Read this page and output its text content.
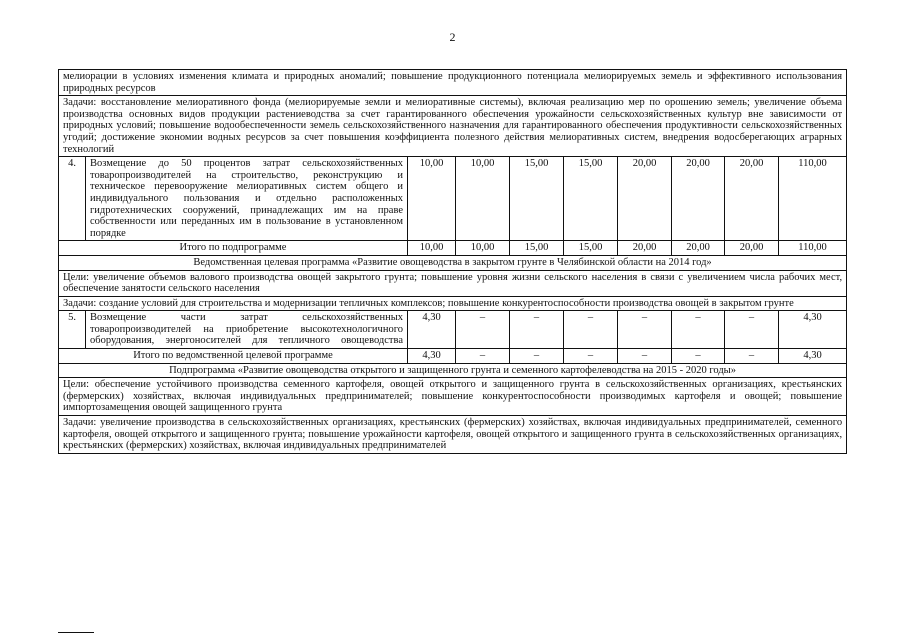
2
мелиорации в условиях изменения климата и природных аномалий; повышение продукционного потенциала мелиорируемых земель и эффективного использования природных ресурсов									
Задачи: восстановление мелиоративного фонда (мелиорируемые земли и мелиоративные системы), включая реализацию мер по орошению земель; увеличение объема производства основных видов продукции растениеводства за счет гарантированного обеспечения урожайности сельскохозяйственных культур вне зависимости от природных условий; повышение водообеспеченности земель сельскохозяйственного назначения для гарантированного обеспечения продуктивности сельскохозяйственных угодий; достижение экономии водных ресурсов за счет повышения коэффициента полезного действия мелиоративных систем, внедрения водосберегающих аграрных технологий									
4.	Возмещение до 50 процентов затрат сельскохозяйственных товаропроизводителей на строительство, реконструкцию и техническое перевооружение мелиоративных систем общего и индивидуального пользования и отдельно расположенных гидротехнических сооружений, принадлежащих им на праве собственности или переданных им в пользование в установленном порядке	10,00	10,00	15,00	15,00	20,00	20,00	20,00	110,00
Итого по подпрограмме		10,00	10,00	15,00	15,00	20,00	20,00	20,00	110,00
Ведомственная целевая программа «Развитие овощеводства в закрытом грунте в Челябинской области на 2014 год»									
Цели: увеличение объемов валового производства овощей закрытого грунта; повышение уровня жизни сельского населения в связи с увеличением числа рабочих мест, обеспечение занятости сельского населения									
Задачи: создание условий для строительства и модернизации тепличных комплексов; повышение конкурентоспособности производства овощей в закрытом грунте									
5.	Возмещение части затрат сельскохозяйственных товаропроизводителей на приобретение высокотехнологичного оборудования, энергоносителей для тепличного овощеводства	4,30	–	–	–	–	–	–	4,30
Итого по ведомственной целевой программе		4,30	–	–	–	–	–	–	4,30
Подпрограмма «Развитие овощеводства открытого и защищенного грунта и семенного картофелеводства на 2015 - 2020 годы»									
Цели: обеспечение устойчивого производства семенного картофеля, овощей открытого и защищенного грунта в сельскохозяйственных организациях, крестьянских (фермерских) хозяйствах, включая индивидуальных предпринимателей; повышение конкурентоспособности производимых картофеля и овощей; повышение импортозамещения овощей защищенного грунта									
Задачи: увеличение производства в сельскохозяйственных организациях, крестьянских (фермерских) хозяйствах, включая индивидуальных предпринимателей, семенного картофеля, овощей открытого и защищенного грунта; повышение урожайности картофеля, овощей открытого и защищенного грунта в сельскохозяйственных организациях, крестьянских (фермерских) хозяйствах, включая индивидуальных предпринимателей									
